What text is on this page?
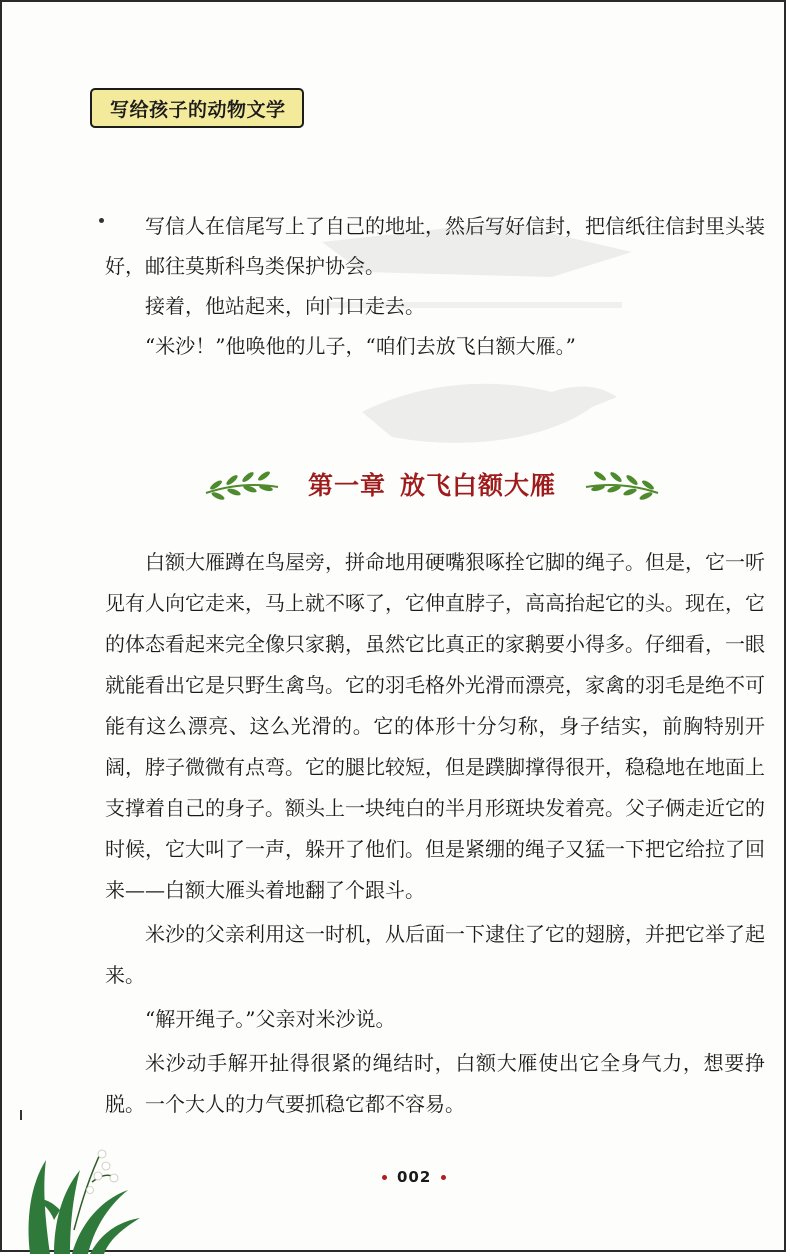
写给孩子的动物文学

写信人在信尾写上了自己的地址，然后写好信封，把信纸往信封里头装好，邮往莫斯科鸟类保护协会。

接着，他站起来，向门口走去。

“米沙！”他唤他的儿子，“咱们去放飞白额大雁。”

第一章 放飞白额大雁

白额大雁蹲在鸟屋旁，拼命地用硬嘴狠啄拴它脚的绳子。但是，它一听见有人向它走来，马上就不啄了，它伸直脖子，高高抬起它的头。现在，它的体态看起来完全像只家鹅，虽然它比真正的家鹅要小得多。仔细看，一眼就能看出它是只野生禽鸟。它的羽毛格外光滑而漂亮，家禽的羽毛是绝不可能有这么漂亮、这么光滑的。它的体形十分匀称，身子结实，前胸特别开阔，脖子微微有点弯。它的腿比较短，但是蹼脚撑得很开，稳稳地在地面上支撑着自己的身子。额头上一块纯白的半月形斑块发着亮。父子俩走近它的时候，它大叫了一声，躲开了他们。但是紧绷的绳子又猛一下把它给拉了回来——白额大雁头着地翻了个跟斗。

米沙的父亲利用这一时机，从后面一下逮住了它的翅膀，并把它举了起来。

“解开绳子。”父亲对米沙说。

米沙动手解开扯得很紧的绳结时，白额大雁使出它全身气力，想要挣脱。一个大人的力气要抓稳它都不容易。

002
